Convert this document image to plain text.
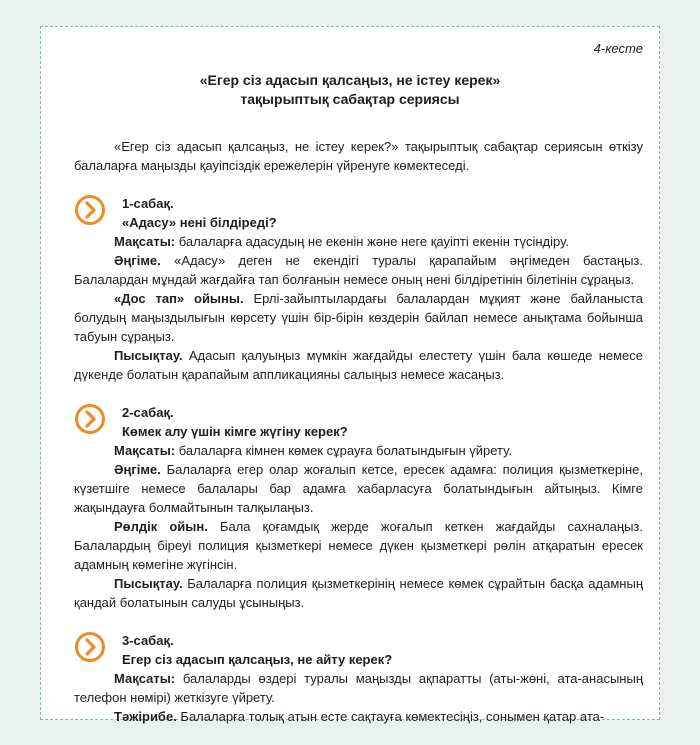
4-кесте
«Егер сіз адасып қалсаңыз, не істеу керек»
тақырыптық сабақтар сериясы

«Егер сіз адасып қалсаңыз, не істеу керек?» тақырыптық сабақтар сериясын өткізу балаларға маңызды қауіпсіздік ережелерін үйренуге көмектеседі.

1-сабақ.
«Адасу» нені білдіреді?

Мақсаты: балаларға адасудың не екенін және неге қауіпті екенін түсіндіру.

Әңгіме. «Адасу» деген не екендігі туралы қарапайым әңгімеден бастаңыз. Балалардан мұндай жағдайға тап болғанын немесе оның нені білдіретінін білетінін сұраңыз.

«Дос тап» ойыны. Ерлі-зайыптылардағы балалардан мұқият және байланыста болудың маңыздылығын көрсету үшін бір-бірін көздерін байлап немесе анықтама бойынша табуын сұраңыз.

Пысықтау. Адасып қалуыңыз мүмкін жағдайды елестету үшін бала көшеде немесе дүкенде болатын қарапайым аппликацияны салыңыз немесе жасаңыз.

2-сабақ.
Көмек алу үшін кімге жүгіну керек?

Мақсаты: балаларға кімнен көмек сұрауға болатындығын үйрету.

Әңгіме. Балаларға егер олар жоғалып кетсе, ересек адамға: полиция қызметкеріне, күзетшіге немесе балалары бар адамға хабарласуға болатындығын айтыңыз. Кімге жақындауға болмайтынын талқылаңыз.

Рөлдік ойын. Бала қоғамдық жерде жоғалып кеткен жағдайды сахналаңыз. Балалардың біреуі полиция қызметкері немесе дүкен қызметкері рөлін атқаратын ересек адамның көмегіне жүгінсін.

Пысықтау. Балаларға полиция қызметкерінің немесе көмек сұрайтын басқа адамның қандай болатынын салуды ұсыныңыз.

3-сабақ.
Егер сіз адасып қалсаңыз, не айту керек?

Мақсаты: балаларды өздері туралы маңызды ақпаратты (аты-жөні, ата-анасының телефон нөмірі) жеткізуге үйрету.

Тәжірибе. Балаларға толық атын есте сақтауға көмектесіңіз, сонымен қатар ата-
